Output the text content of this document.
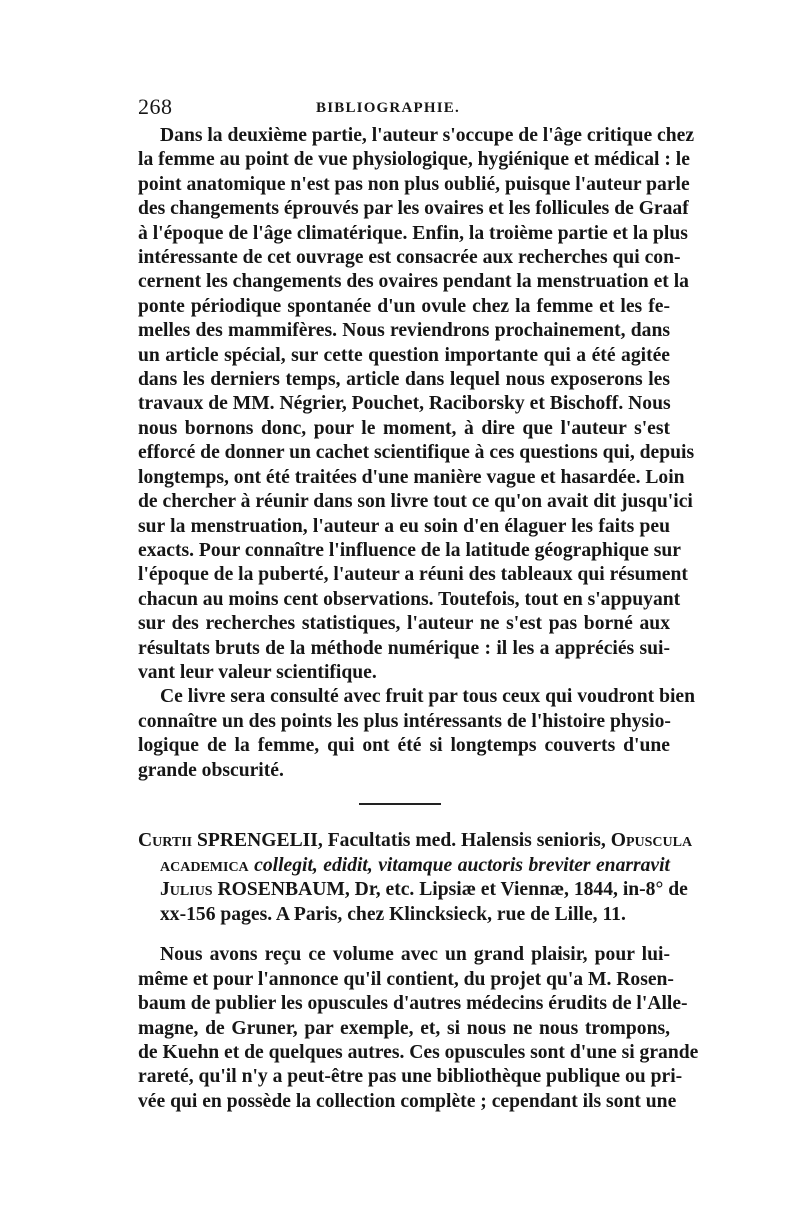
268	BIBLIOGRAPHIE.
Dans la deuxième partie, l'auteur s'occupe de l'âge critique chez
la femme au point de vue physiologique, hygiénique et médical : le
point anatomique n'est pas non plus oublié, puisque l'auteur parle
des changements éprouvés par les ovaires et les follicules de Graaf
à l'époque de l'âge climatérique. Enfin, la troième partie et la plus
intéressante de cet ouvrage est consacrée aux recherches qui con-
cernent les changements des ovaires pendant la menstruation et la
ponte périodique spontanée d'un ovule chez la femme et les fe-
melles des mammifères. Nous reviendrons prochainement, dans
un article spécial, sur cette question importante qui a été agitée
dans les derniers temps, article dans lequel nous exposerons les
travaux de MM. Négrier, Pouchet, Raciborsky et Bischoff. Nous
nous bornons donc, pour le moment, à dire que l'auteur s'est
efforcé de donner un cachet scientifique à ces questions qui, depuis
longtemps, ont été traitées d'une manière vague et hasardée. Loin
de chercher à réunir dans son livre tout ce qu'on avait dit jusqu'ici
sur la menstruation, l'auteur a eu soin d'en élaguer les faits peu
exacts. Pour connaître l'influence de la latitude géographique sur
l'époque de la puberté, l'auteur a réuni des tableaux qui résument
chacun au moins cent observations. Toutefois, tout en s'appuyant
sur des recherches statistiques, l'auteur ne s'est pas borné aux
résultats bruts de la méthode numérique : il les a appréciés sui-
vant leur valeur scientifique.
Ce livre sera consulté avec fruit par tous ceux qui voudront bien
connaître un des points les plus intéressants de l'histoire physio-
logique de la femme, qui ont été si longtemps couverts d'une
grande obscurité.
Curtii SPRENGELII, Facultatis med. Halensis senioris, Opuscula
academica collegit, edidit, vitamque auctoris breviter enarravit
Julius ROSENBAUM, Dr, etc. Lipsiæ et Viennæ, 1844, in-8° de
xx-156 pages. A Paris, chez Klincksieck, rue de Lille, 11.
Nous avons reçu ce volume avec un grand plaisir, pour lui-
même et pour l'annonce qu'il contient, du projet qu'a M. Rosen-
baum de publier les opuscules d'autres médecins érudits de l'Alle-
magne, de Gruner, par exemple, et, si nous ne nous trompons,
de Kuehn et de quelques autres. Ces opuscules sont d'une si grande
rareté, qu'il n'y a peut-être pas une bibliothèque publique ou pri-
vée qui en possède la collection complète ; cependant ils sont une
